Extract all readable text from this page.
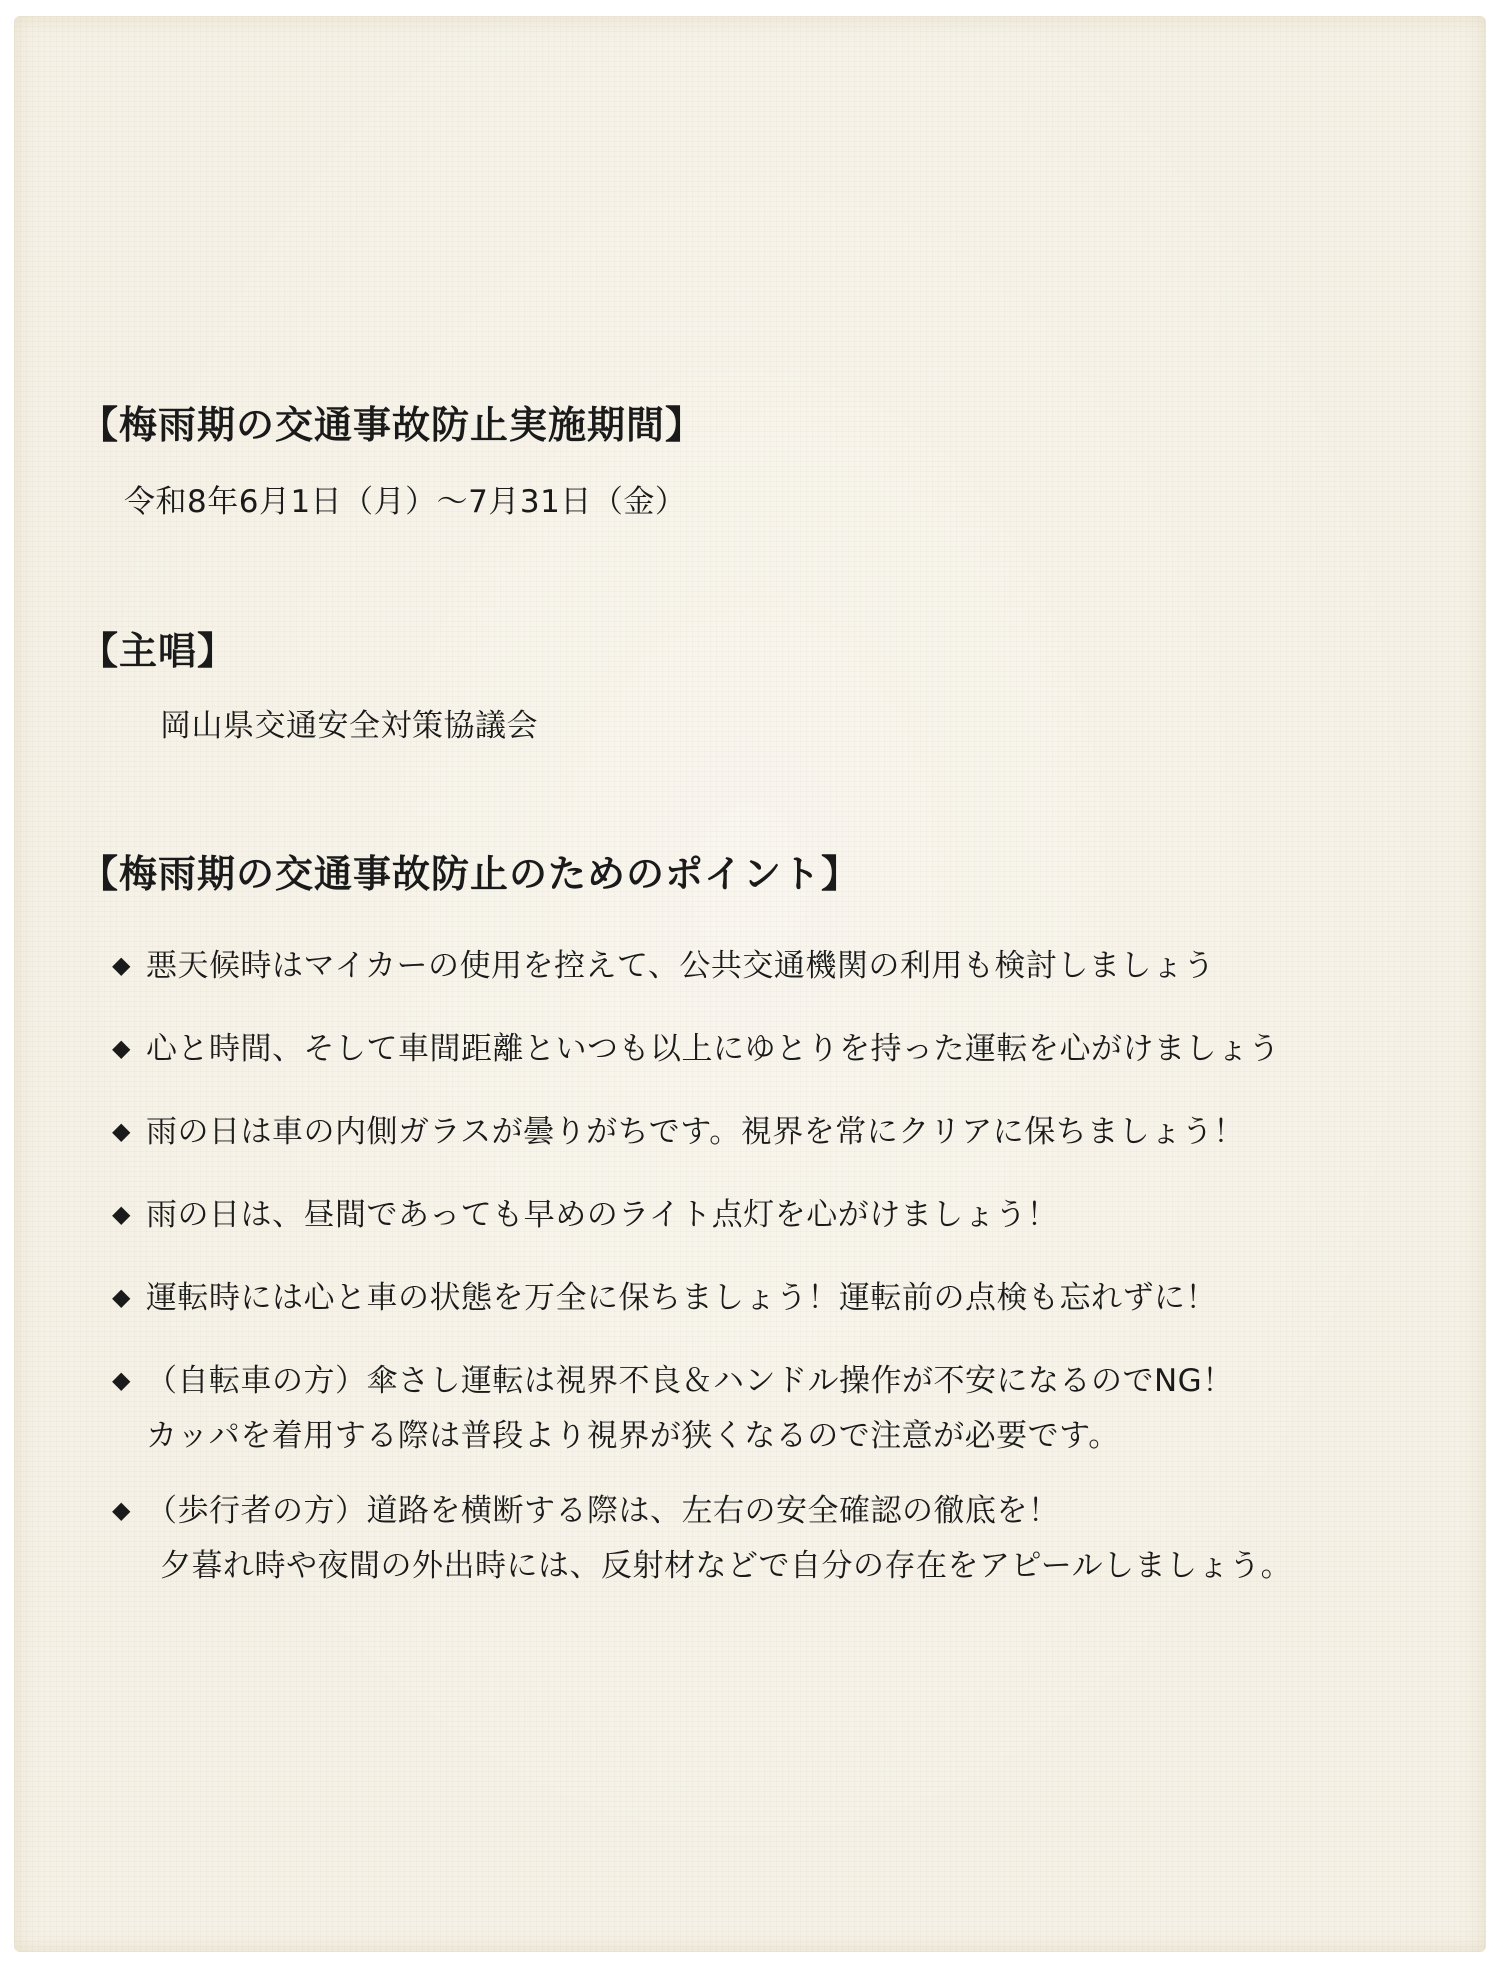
【梅雨期の交通事故防止実施期間】

令和8年6月1日（月）～7月31日（金）

【主唱】

岡山県交通安全対策協議会

【梅雨期の交通事故防止のためのポイント】
◆ 悪天候時はマイカーの使用を控えて、公共交通機関の利用も検討しましょう
◆ 心と時間、そして車間距離といつも以上にゆとりを持った運転を心がけましょう
◆ 雨の日は車の内側ガラスが曇りがちです。視界を常にクリアに保ちましょう！
◆ 雨の日は、昼間であっても早めのライト点灯を心がけましょう！
◆ 運転時には心と車の状態を万全に保ちましょう！運転前の点検も忘れずに！
◆ （自転車の方）傘さし運転は視界不良＆ハンドル操作が不安になるのでNG！
カッパを着用する際は普段より視界が狭くなるので注意が必要です。
◆ （歩行者の方）道路を横断する際は、左右の安全確認の徹底を！
夕暮れ時や夜間の外出時には、反射材などで自分の存在をアピールしましょう。
